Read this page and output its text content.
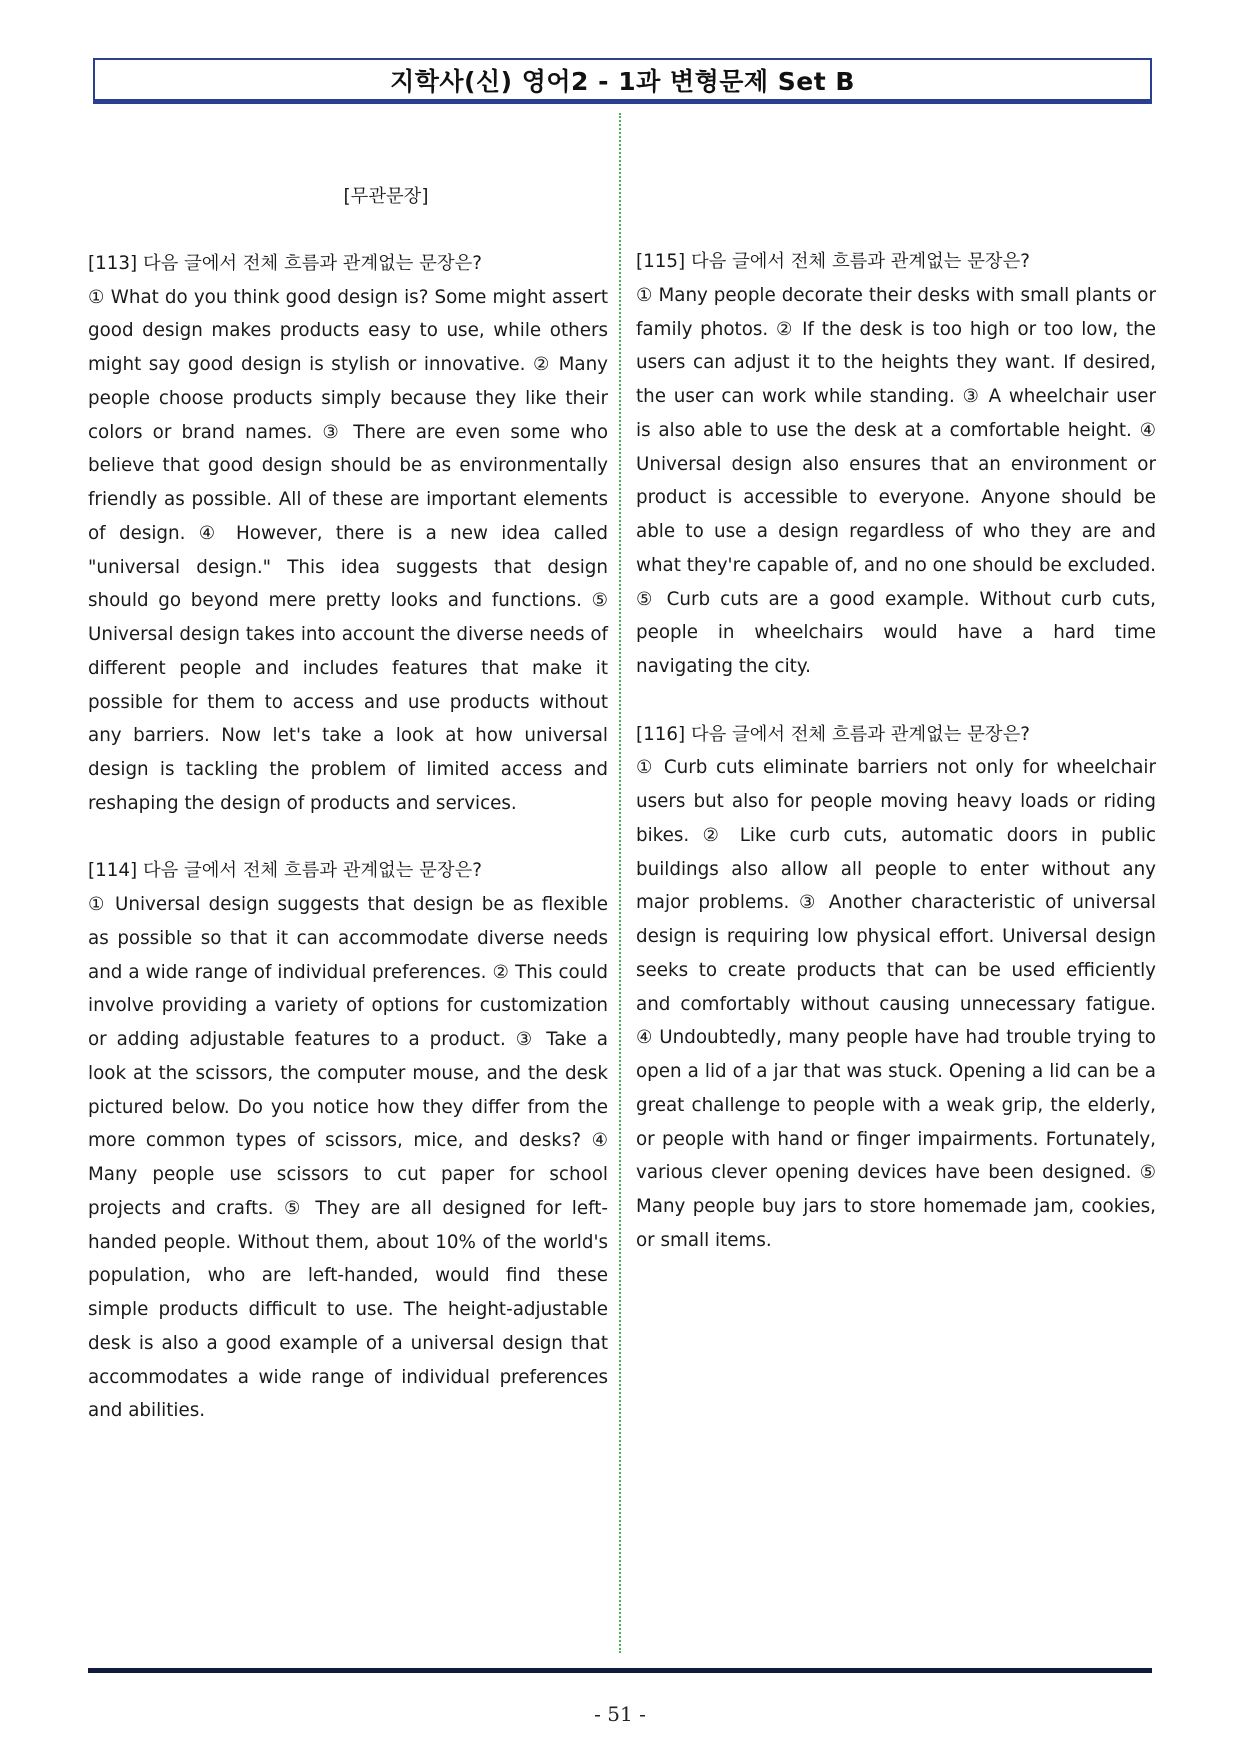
지학사(신) 영어2 - 1과 변형문제 Set B
[무관문장]
[113] 다음 글에서 전체 흐름과 관계없는 문장은?

① What do you think good design is? Some might assert good design makes products easy to use, while others might say good design is stylish or innovative. ② Many people choose products simply because they like their colors or brand names. ③ There are even some who believe that good design should be as environmentally friendly as possible. All of these are important elements of design. ④ However, there is a new idea called "universal design." This idea suggests that design should go beyond mere pretty looks and functions. ⑤ Universal design takes into account the diverse needs of different people and includes features that make it possible for them to access and use products without any barriers. Now let's take a look at how universal design is tackling the problem of limited access and reshaping the design of products and services.

[114] 다음 글에서 전체 흐름과 관계없는 문장은?

① Universal design suggests that design be as flexible as possible so that it can accommodate diverse needs and a wide range of individual preferences. ② This could involve providing a variety of options for customization or adding adjustable features to a product. ③ Take a look at the scissors, the computer mouse, and the desk pictured below. Do you notice how they differ from the more common types of scissors, mice, and desks? ④ Many people use scissors to cut paper for school projects and crafts. ⑤ They are all designed for left-handed people. Without them, about 10% of the world's population, who are left-handed, would find these simple products difficult to use. The height-adjustable desk is also a good example of a universal design that accommodates a wide range of individual preferences and abilities.

[115] 다음 글에서 전체 흐름과 관계없는 문장은?

① Many people decorate their desks with small plants or family photos. ② If the desk is too high or too low, the users can adjust it to the heights they want. If desired, the user can work while standing. ③ A wheelchair user is also able to use the desk at a comfortable height. ④ Universal design also ensures that an environment or product is accessible to everyone. Anyone should be able to use a design regardless of who they are and what they're capable of, and no one should be excluded. ⑤ Curb cuts are a good example. Without curb cuts, people in wheelchairs would have a hard time navigating the city.

[116] 다음 글에서 전체 흐름과 관계없는 문장은?

① Curb cuts eliminate barriers not only for wheelchair users but also for people moving heavy loads or riding bikes. ② Like curb cuts, automatic doors in public buildings also allow all people to enter without any major problems. ③ Another characteristic of universal design is requiring low physical effort. Universal design seeks to create products that can be used efficiently and comfortably without causing unnecessary fatigue. ④ Undoubtedly, many people have had trouble trying to open a lid of a jar that was stuck. Opening a lid can be a great challenge to people with a weak grip, the elderly, or people with hand or finger impairments. Fortunately, various clever opening devices have been designed. ⑤ Many people buy jars to store homemade jam, cookies, or small items.

- 51 -
